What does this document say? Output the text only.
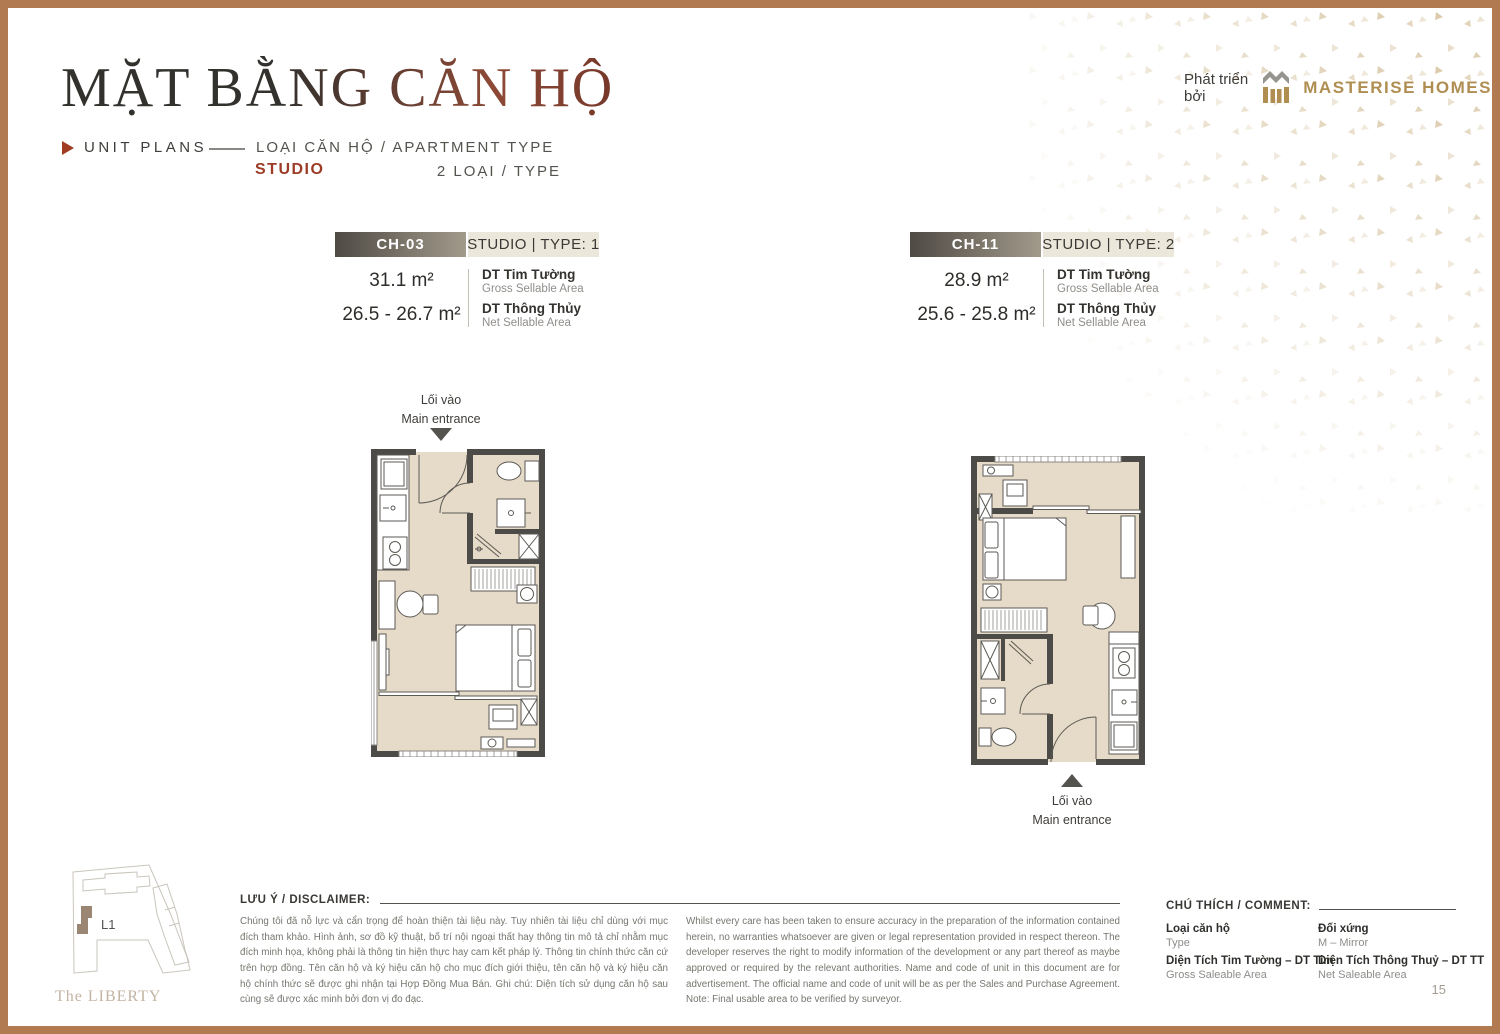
MẶT BẰNG CĂN HỘ
UNIT PLANS	LOẠI CĂN HỘ / APARTMENT TYPE
STUDIO	2 LOẠI / TYPE
Phát triển bởi	MASTERISE HOMES
CH-03	STUDIO | TYPE: 1
31.1 m²	DT Tim Tường
Gross Sellable Area
26.5 - 26.7 m²	DT Thông Thủy
Net Sellable Area
CH-11	STUDIO | TYPE: 2
28.9 m²	DT Tim Tường
Gross Sellable Area
25.6 - 25.8 m²	DT Thông Thủy
Net Sellable Area
Lối vào
Main entrance
Lối vào
Main entrance
L1
The LIBERTY
LƯU Ý / DISCLAIMER:
Chúng tôi đã nỗ lực và cẩn trọng để hoàn thiện tài liệu này. Tuy nhiên tài liệu chỉ dùng với mục đích tham khảo. Hình ảnh, sơ đồ kỹ thuật, bố trí nội ngoại thất hay thông tin mô tả chỉ nhằm mục đích minh họa, không phải là thông tin hiện thực hay cam kết pháp lý. Thông tin chính thức căn cứ trên hợp đồng. Tên căn hộ và ký hiệu căn hộ cho mục đích giới thiệu, tên căn hộ và ký hiệu căn hộ chính thức sẽ được ghi nhận tại Hợp Đồng Mua Bán. Ghi chú: Diện tích sử dụng căn hộ sau cùng sẽ được xác minh bởi đơn vị đo đạc.
Whilst every care has been taken to ensure accuracy in the preparation of the information contained herein, no warranties whatsoever are given or legal representation provided in respect thereon. The developer reserves the right to modify information of the development or any part thereof as maybe approved or required by the relevant authorities. Name and code of unit in this document are for advertisement. The official name and code of unit will be as per the Sales and Purchase Agreement. Note: Final usable area to be verified by surveyor.
CHÚ THÍCH / COMMENT:
Loại căn hộ
Type
Đối xứng
M – Mirror
Diện Tích Tim Tường – DT Tim
Gross Saleable Area
Diện Tích Thông Thuỷ – DT TT
Net Saleable Area
15
